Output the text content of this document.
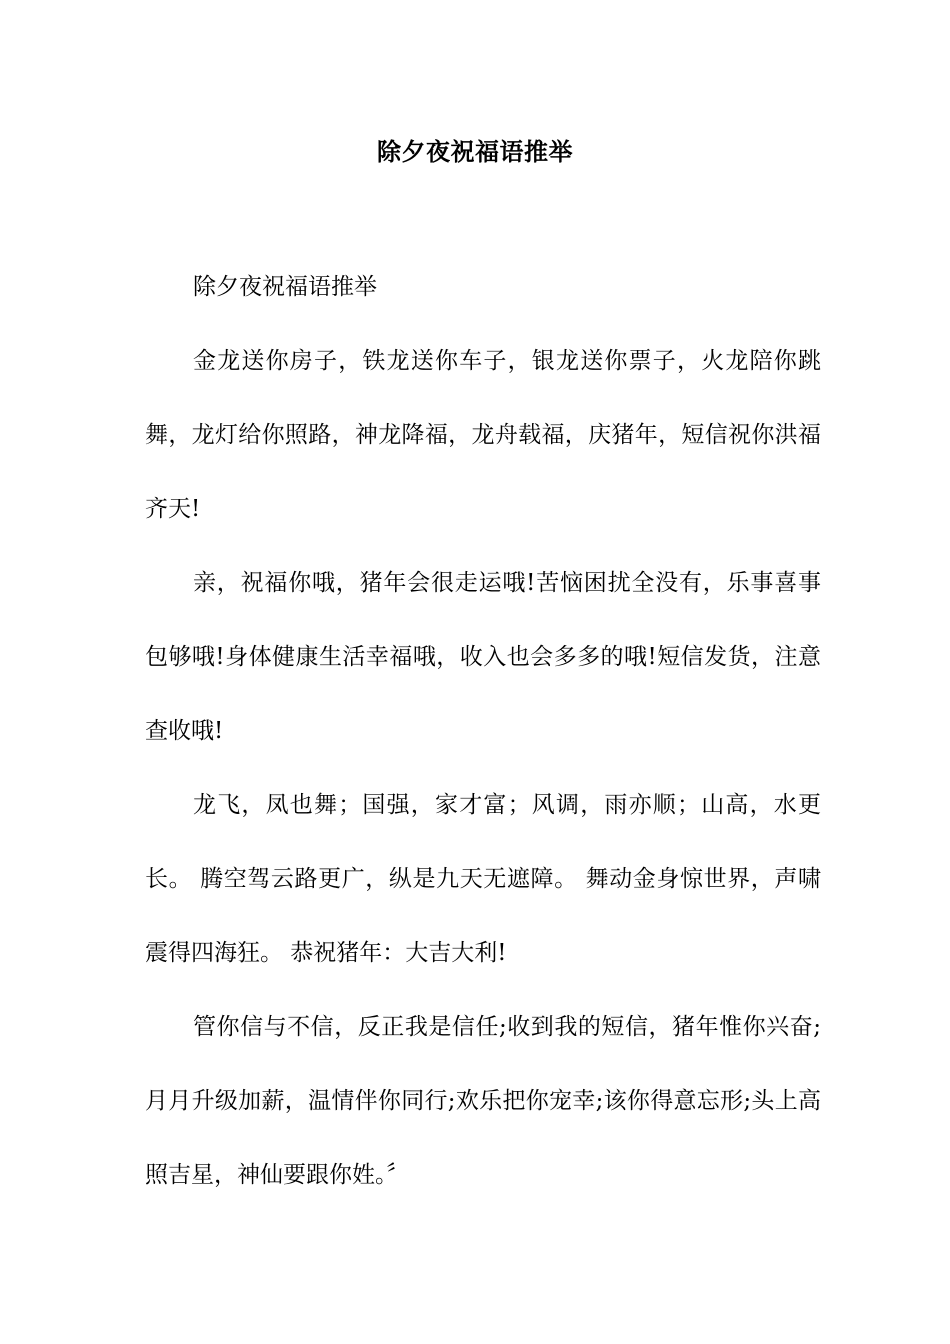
除夕夜祝福语推举

除夕夜祝福语推举

金龙送你房子，铁龙送你车子，银龙送你票子，火龙陪你跳舞，龙灯给你照路，神龙降福，龙舟载福，庆猪年，短信祝你洪福齐天!

亲，祝福你哦，猪年会很走运哦!苦恼困扰全没有，乐事喜事包够哦!身体健康生活幸福哦，收入也会多多的哦!短信发货，注意查收哦!

龙飞，凤也舞；国强，家才富；风调，雨亦顺；山高，水更长。 腾空驾云路更广，纵是九天无遮障。 舞动金身惊世界，声啸震得四海狂。 恭祝猪年：大吉大利!

管你信与不信，反正我是信任;收到我的短信，猪年惟你兴奋;月月升级加薪，温情伴你同行;欢乐把你宠幸;该你得意忘形;头上高照吉星，神仙要跟你姓。〞
